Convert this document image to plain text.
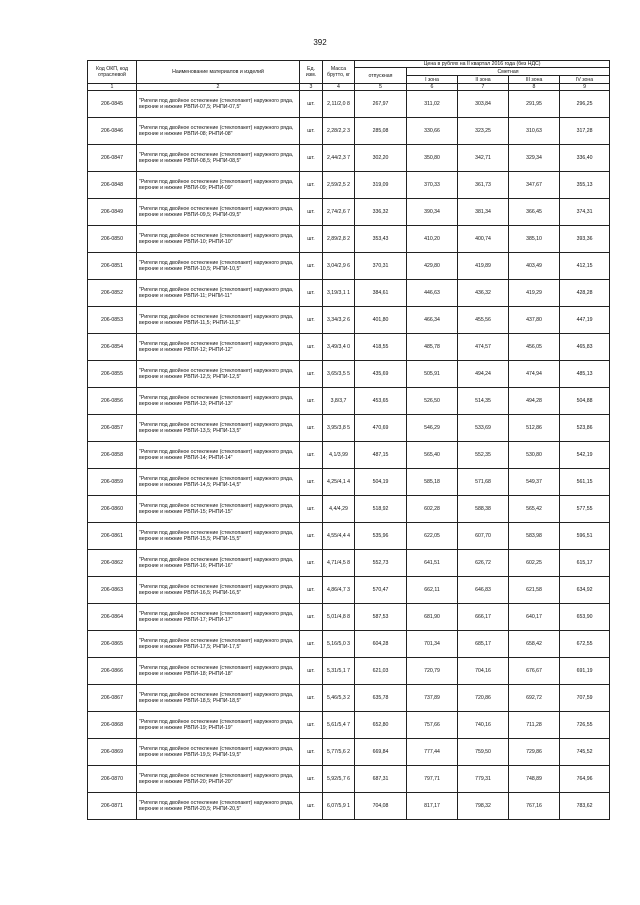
392
Код ОКП, код отраслевой	Наименование материалов и изделий	Ед. изм.	Масса брутто, кг	Цена в рублях на II квартал 2016 года (без НДС)				
				отпускная	Сметная			
					I зона	II зона	III зона	IV зона
1	2	3	4	5	6	7	8	9
206-0845	"Ригели под двойное остекление (стеклопакет) наружного ряда, верхние и нижние РВПИ-07,5; РНПИ-07,5"	шт.	2,11/2,0 8	267,97	311,02	303,84	291,95	296,25
206-0846	"Ригели под двойное остекление (стеклопакет) наружного ряда, верхние и нижние РВПИ-08; РНПИ-08"	шт.	2,28/2,2 3	285,08	330,66	323,25	310,63	317,28
206-0847	"Ригели под двойное остекление (стеклопакет) наружного ряда, верхние и нижние РВПИ-08,5; РНПИ-08,5"	шт.	2,44/2,3 7	302,20	350,80	342,71	329,34	336,40
206-0848	"Ригели под двойное остекление (стеклопакет) наружного ряда, верхние и нижние РВПИ-09; РНПИ-09"	шт.	2,59/2,5 2	319,09	370,33	361,73	347,67	355,13
206-0849	"Ригели под двойное остекление (стеклопакет) наружного ряда, верхние и нижние РВПИ-09,5; РНПИ-09,5"	шт.	2,74/2,6 7	336,32	390,34	381,34	366,45	374,31
206-0850	"Ригели под двойное остекление (стеклопакет) наружного ряда, верхние и нижние РВПИ-10; РНПИ-10"	шт.	2,89/2,8 2	353,43	410,20	400,74	385,10	393,36
206-0851	"Ригели под двойное остекление (стеклопакет) наружного ряда, верхние и нижние РВПИ-10,5; РНПИ-10,5"	шт.	3,04/2,9 6	370,31	429,80	419,89	403,49	412,15
206-0852	"Ригели под двойное остекление (стеклопакет) наружного ряда, верхние и нижние РВПИ-11; РНПИ-11"	шт.	3,19/3,1 1	384,61	446,63	436,32	419,29	428,28
206-0853	"Ригели под двойное остекление (стеклопакет) наружного ряда, верхние и нижние РВПИ-11,5; РНПИ-11,5"	шт.	3,34/3,2 6	401,80	466,34	455,56	437,80	447,19
206-0854	"Ригели под двойное остекление (стеклопакет) наружного ряда, верхние и нижние РВПИ-12; РНПИ-12"	шт.	3,49/3,4 0	418,55	485,78	474,57	456,05	465,83
206-0855	"Ригели под двойное остекление (стеклопакет) наружного ряда, верхние и нижние РВПИ-12,5; РНПИ-12,5"	шт.	3,65/3,5 5	435,69	505,91	494,24	474,94	485,13
206-0856	"Ригели под двойное остекление (стеклопакет) наружного ряда, верхние и нижние РВПИ-13; РНПИ-13"	шт.	3,8/3,7	453,65	526,50	514,35	494,28	504,88
206-0857	"Ригели под двойное остекление (стеклопакет) наружного ряда, верхние и нижние РВПИ-13,5; РНПИ-13,5"	шт.	3,95/3,8 5	470,69	546,29	533,69	512,86	523,86
206-0858	"Ригели под двойное остекление (стеклопакет) наружного ряда, верхние и нижние РВПИ-14; РНПИ-14"	шт.	4,1/3,99	487,15	565,40	552,35	530,80	542,19
206-0859	"Ригели под двойное остекление (стеклопакет) наружного ряда, верхние и нижние РВПИ-14,5; РНПИ-14,5"	шт.	4,25/4,1 4	504,19	585,18	571,68	549,37	561,15
206-0860	"Ригели под двойное остекление (стеклопакет) наружного ряда, верхние и нижние РВПИ-15; РНПИ-15"	шт.	4,4/4,29	518,92	602,28	588,38	565,42	577,55
206-0861	"Ригели под двойное остекление (стеклопакет) наружного ряда, верхние и нижние РВПИ-15,5; РНПИ-15,5"	шт.	4,55/4,4 4	535,96	622,05	607,70	583,98	596,51
206-0862	"Ригели под двойное остекление (стеклопакет) наружного ряда, верхние и нижние РВПИ-16; РНПИ-16"	шт.	4,71/4,5 8	552,73	641,51	626,72	602,25	615,17
206-0863	"Ригели под двойное остекление (стеклопакет) наружного ряда, верхние и нижние РВПИ-16,5; РНПИ-16,5"	шт.	4,86/4,7 3	570,47	662,11	646,83	621,58	634,92
206-0864	"Ригели под двойное остекление (стеклопакет) наружного ряда, верхние и нижние РВПИ-17; РНПИ-17"	шт.	5,01/4,8 8	587,53	681,90	666,17	640,17	653,90
206-0865	"Ригели под двойное остекление (стеклопакет) наружного ряда, верхние и нижние РВПИ-17,5; РНПИ-17,5"	шт.	5,16/5,0 3	604,28	701,34	685,17	658,42	672,55
206-0866	"Ригели под двойное остекление (стеклопакет) наружного ряда, верхние и нижние РВПИ-18; РНПИ-18"	шт.	5,31/5,1 7	621,03	720,79	704,16	676,67	691,19
206-0867	"Ригели под двойное остекление (стеклопакет) наружного ряда, верхние и нижние РВПИ-18,5; РНПИ-18,5"	шт.	5,46/5,3 2	635,78	737,89	720,86	692,72	707,59
206-0868	"Ригели под двойное остекление (стеклопакет) наружного ряда, верхние и нижние РВПИ-19; РНПИ-19"	шт.	5,61/5,4 7	652,80	757,66	740,16	711,28	726,55
206-0869	"Ригели под двойное остекление (стеклопакет) наружного ряда, верхние и нижние РВПИ-19,5; РНПИ-19,5"	шт.	5,77/5,6 2	669,84	777,44	759,50	729,86	745,52
206-0870	"Ригели под двойное остекление (стеклопакет) наружного ряда, верхние и нижние РВПИ-20; РНПИ-20"	шт.	5,92/5,7 6	687,31	797,71	779,31	748,89	764,96
206-0871	"Ригели под двойное остекление (стеклопакет) наружного ряда, верхние и нижние РВПИ-20,5; РНПИ-20,5"	шт.	6,07/5,9 1	704,08	817,17	798,32	767,16	783,62
